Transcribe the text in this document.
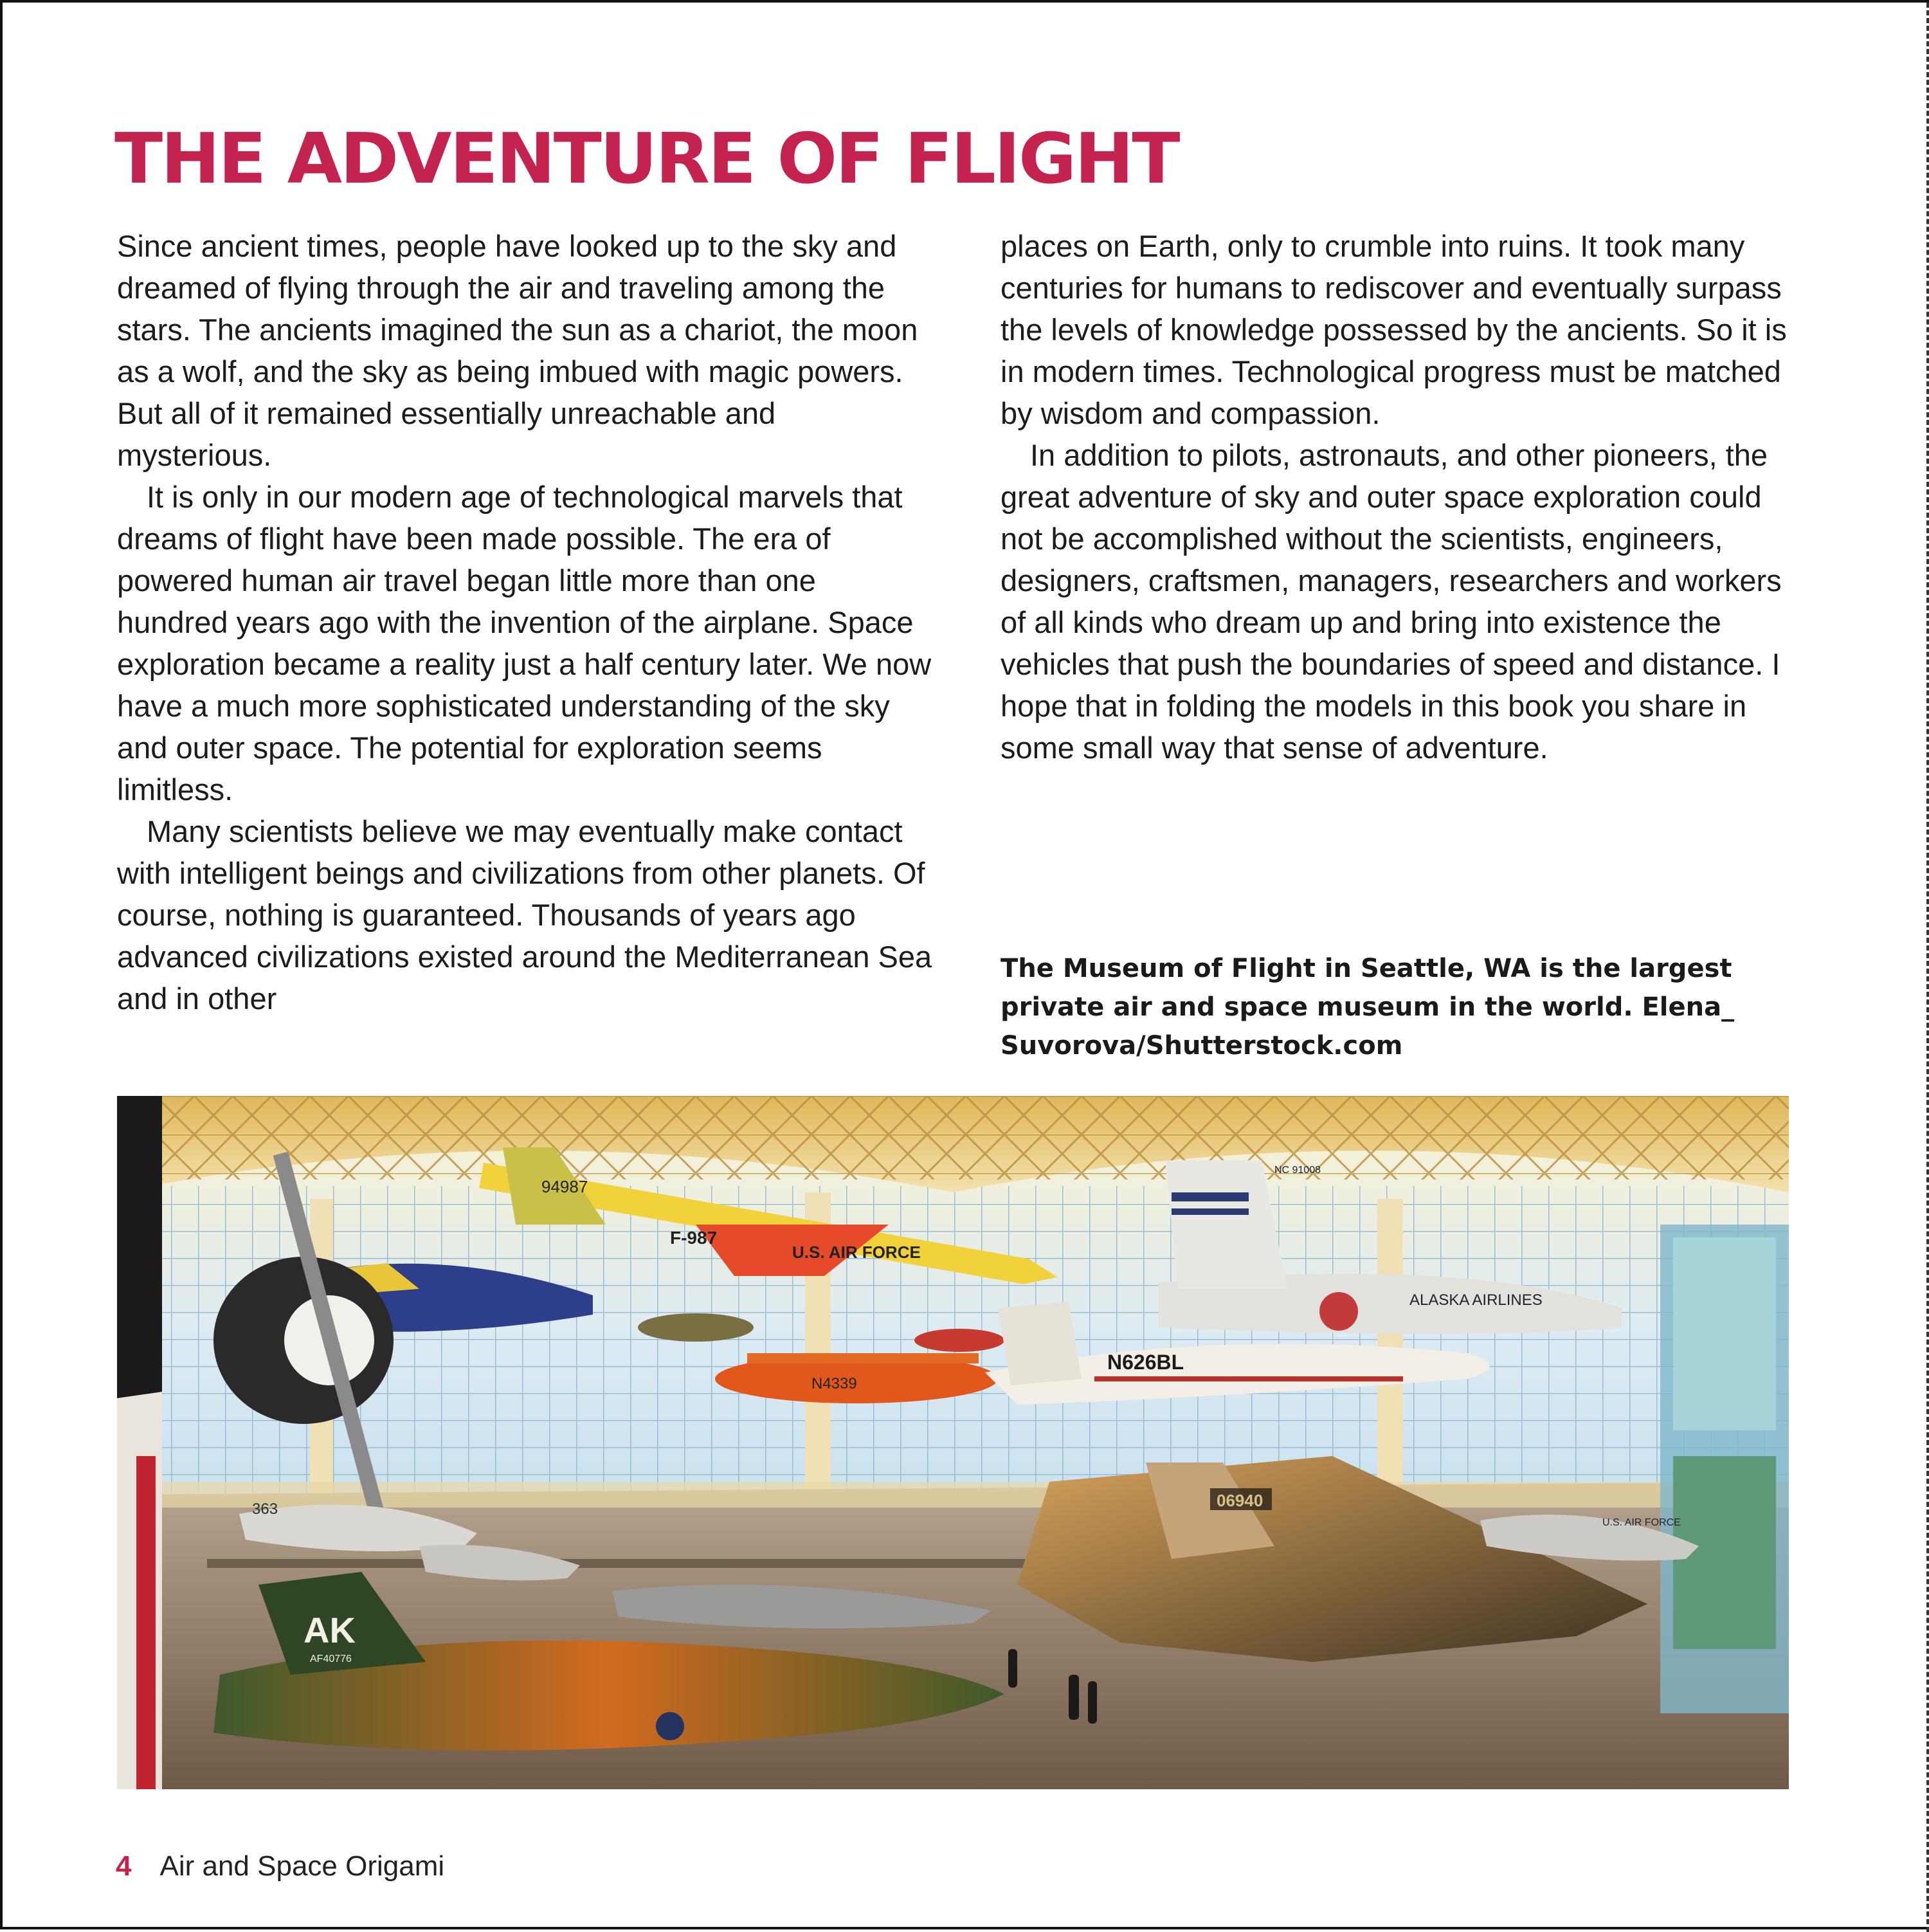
THE ADVENTURE OF FLIGHT

Since ancient times, people have looked up to the sky and dreamed of flying through the air and traveling among the stars. The ancients imagined the sun as a chariot, the moon as a wolf, and the sky as being imbued with magic powers. But all of it remained essentially unreachable and mysterious.

It is only in our modern age of technological marvels that dreams of flight have been made possible. The era of powered human air travel began little more than one hundred years ago with the invention of the airplane. Space exploration became a reality just a half century later. We now have a much more sophisticated understanding of the sky and outer space. The potential for exploration seems limitless.

Many scientists believe we may eventually make contact with intelligent beings and civilizations from other planets. Of course, nothing is guaranteed. Thousands of years ago advanced civilizations existed around the Mediterranean Sea and in other

places on Earth, only to crumble into ruins. It took many centuries for humans to rediscover and eventually surpass the levels of knowledge possessed by the ancients. So it is in modern times. Technological progress must be matched by wisdom and compassion.

In addition to pilots, astronauts, and other pioneers, the great adventure of sky and outer space exploration could not be accomplished without the scientists, engineers, designers, craftsmen, managers, researchers and workers of all kinds who dream up and bring into existence the vehicles that push the boundaries of speed and distance. I hope that in folding the models in this book you share in some small way that sense of adventure.

The Museum of Flight in Seattle, WA is the largest private air and space museum in the world. Elena_ Suvorova/Shutterstock.com

94987
F-987
U.S. AIR FORCE
N4339
NC 91008
ALASKA AIRLINES
N626BL
363
AK
AF40776
06940
U.S. AIR FORCE
4 Air and Space Origami
